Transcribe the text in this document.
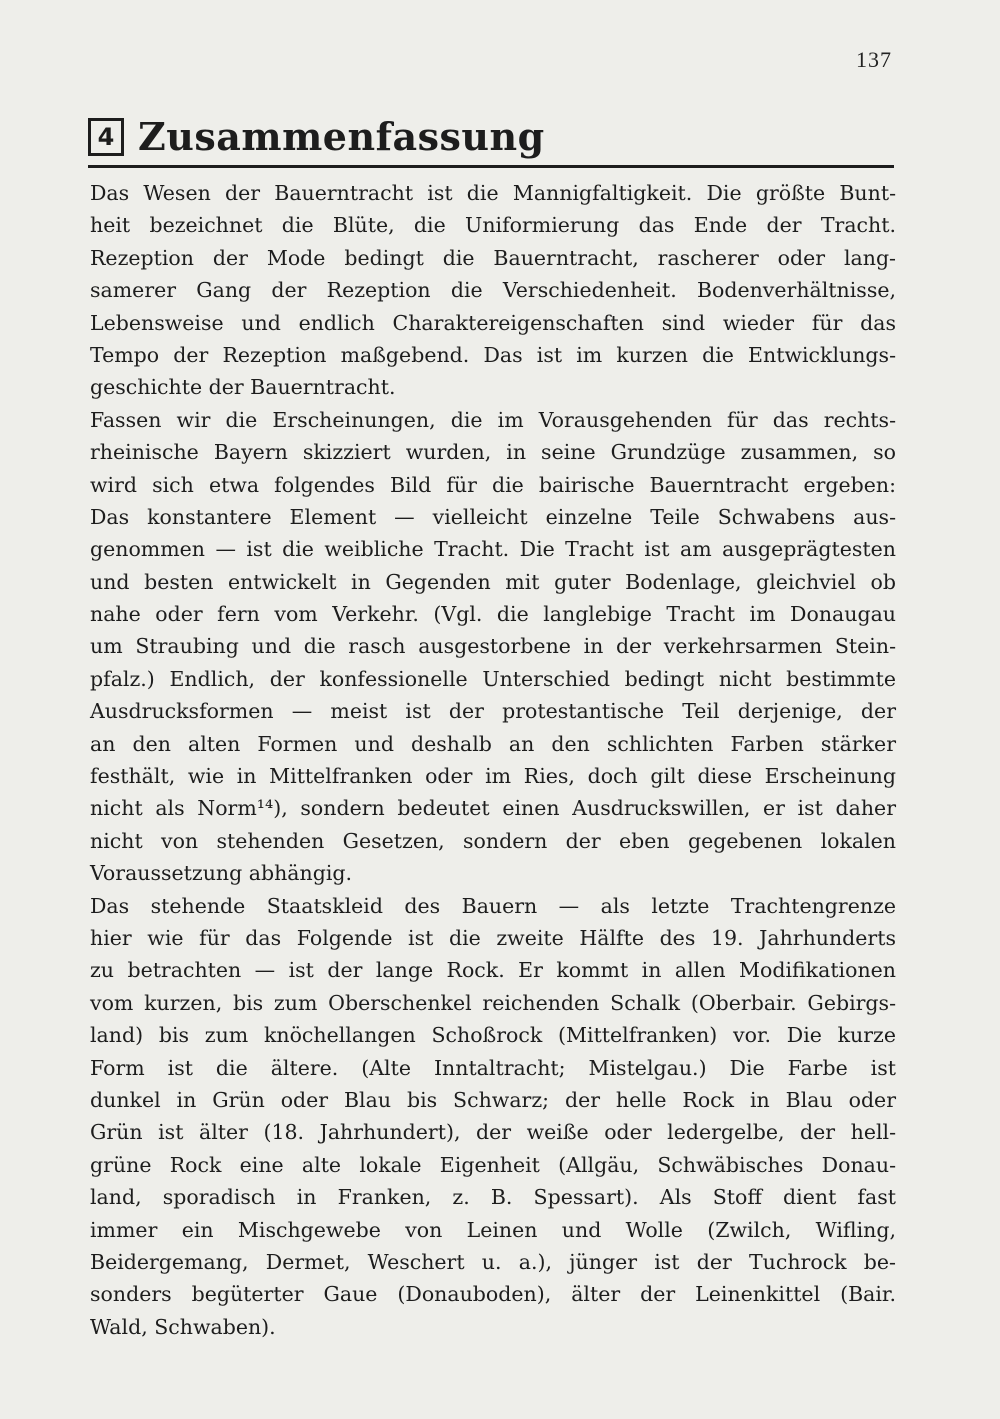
137
4 Zusammenfassung
Das Wesen der Bauerntracht ist die Mannigfaltigkeit. Die größte Bunt-
heit bezeichnet die Blüte, die Uniformierung das Ende der Tracht.
Rezeption der Mode bedingt die Bauerntracht, rascherer oder lang-
samerer Gang der Rezeption die Verschiedenheit. Bodenverhältnisse,
Lebensweise und endlich Charaktereigenschaften sind wieder für das
Tempo der Rezeption maßgebend. Das ist im kurzen die Entwicklungs-
geschichte der Bauerntracht.
Fassen wir die Erscheinungen, die im Vorausgehenden für das rechts-
rheinische Bayern skizziert wurden, in seine Grundzüge zusammen, so
wird sich etwa folgendes Bild für die bairische Bauerntracht ergeben:
Das konstantere Element — vielleicht einzelne Teile Schwabens aus-
genommen — ist die weibliche Tracht. Die Tracht ist am ausgeprägtesten
und besten entwickelt in Gegenden mit guter Bodenlage, gleichviel ob
nahe oder fern vom Verkehr. (Vgl. die langlebige Tracht im Donaugau
um Straubing und die rasch ausgestorbene in der verkehrsarmen Stein-
pfalz.) Endlich, der konfessionelle Unterschied bedingt nicht bestimmte
Ausdrucksformen — meist ist der protestantische Teil derjenige, der
an den alten Formen und deshalb an den schlichten Farben stärker
festhält, wie in Mittelfranken oder im Ries, doch gilt diese Erscheinung
nicht als Norm¹⁴), sondern bedeutet einen Ausdruckswillen, er ist daher
nicht von stehenden Gesetzen, sondern der eben gegebenen lokalen
Voraussetzung abhängig.
Das stehende Staatskleid des Bauern — als letzte Trachtengrenze
hier wie für das Folgende ist die zweite Hälfte des 19. Jahrhunderts
zu betrachten — ist der lange Rock. Er kommt in allen Modifikationen
vom kurzen, bis zum Oberschenkel reichenden Schalk (Oberbair. Gebirgs-
land) bis zum knöchellangen Schoßrock (Mittelfranken) vor. Die kurze
Form ist die ältere. (Alte Inntaltracht; Mistelgau.) Die Farbe ist
dunkel in Grün oder Blau bis Schwarz; der helle Rock in Blau oder
Grün ist älter (18. Jahrhundert), der weiße oder ledergelbe, der hell-
grüne Rock eine alte lokale Eigenheit (Allgäu, Schwäbisches Donau-
land, sporadisch in Franken, z. B. Spessart). Als Stoff dient fast
immer ein Mischgewebe von Leinen und Wolle (Zwilch, Wifling,
Beidergemang, Dermet, Weschert u. a.), jünger ist der Tuchrock be-
sonders begüterter Gaue (Donauboden), älter der Leinenkittel (Bair.
Wald, Schwaben).
